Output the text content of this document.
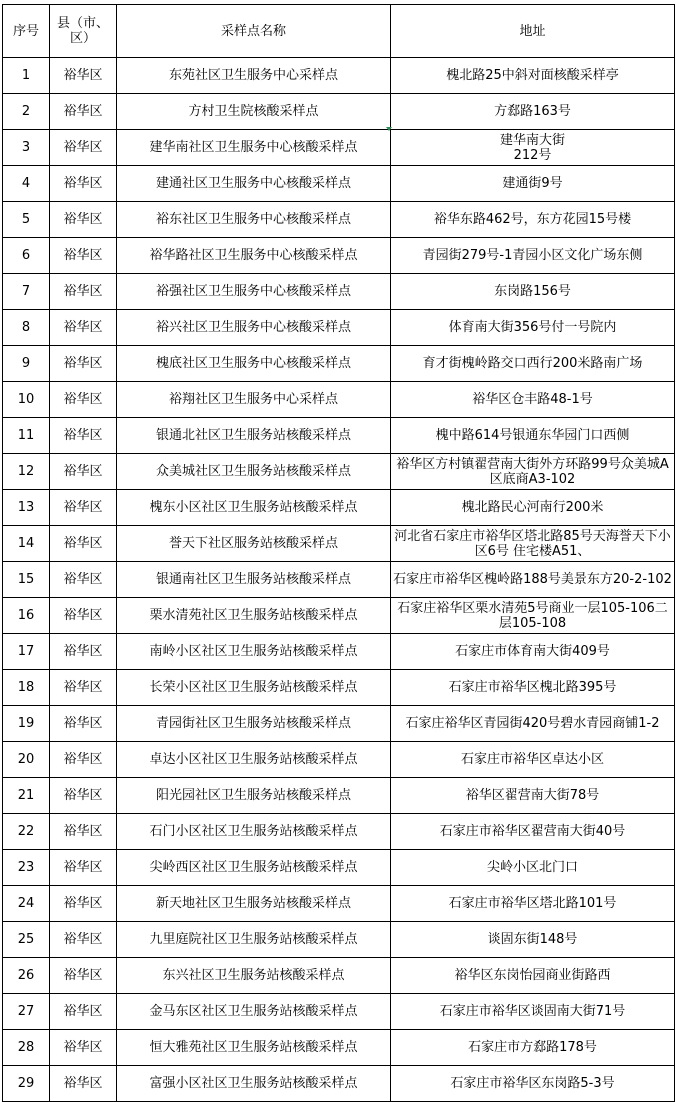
序号	县（市、区）	采样点名称	地址
1	裕华区	东苑社区卫生服务中心采样点	槐北路25中斜对面核酸采样亭
2	裕华区	方村卫生院核酸采样点	方郄路163号
3	裕华区	建华南社区卫生服务中心核酸采样点	建华南大街
212号
4	裕华区	建通社区卫生服务中心核酸采样点	建通街9号
5	裕华区	裕东社区卫生服务中心核酸采样点	裕华东路462号，东方花园15号楼
6	裕华区	裕华路社区卫生服务中心核酸采样点	青园街279号-1青园小区文化广场东侧
7	裕华区	裕强社区卫生服务中心核酸采样点	东岗路156号
8	裕华区	裕兴社区卫生服务中心核酸采样点	体育南大街356号付一号院内
9	裕华区	槐底社区卫生服务中心核酸采样点	育才街槐岭路交口西行200米路南广场
10	裕华区	裕翔社区卫生服务中心采样点	裕华区仓丰路48-1号
11	裕华区	银通北社区卫生服务站核酸采样点	槐中路614号银通东华园门口西侧
12	裕华区	众美城社区卫生服务站核酸采样点	裕华区方村镇翟营南大街外方环路99号众美城A区底商A3-102
13	裕华区	槐东小区社区卫生服务站核酸采样点	槐北路民心河南行200米
14	裕华区	誉天下社区服务站核酸采样点	河北省石家庄市裕华区塔北路85号天海誉天下小区6号 住宅楼A51、
15	裕华区	银通南社区卫生服务站核酸采样点	石家庄市裕华区槐岭路188号美景东方20-2-102
16	裕华区	栗水清苑社区卫生服务站核酸采样点	石家庄裕华区栗水清苑5号商业一层105-106二层105-108
17	裕华区	南岭小区社区卫生服务站核酸采样点	石家庄市体育南大街409号
18	裕华区	长荣小区社区卫生服务站核酸采样点	石家庄市裕华区槐北路395号
19	裕华区	青园街社区卫生服务站核酸采样点	石家庄裕华区青园街420号碧水青园商铺1-2
20	裕华区	卓达小区社区卫生服务站核酸采样点	石家庄市裕华区卓达小区
21	裕华区	阳光园社区卫生服务站核酸采样点	裕华区翟营南大街78号
22	裕华区	石门小区社区卫生服务站核酸采样点	石家庄市裕华区翟营南大街40号
23	裕华区	尖岭西区社区卫生服务站核酸采样点	尖岭小区北门口
24	裕华区	新天地社区卫生服务站核酸采样点	石家庄市裕华区塔北路101号
25	裕华区	九里庭院社区卫生服务站核酸采样点	谈固东街148号
26	裕华区	东兴社区卫生服务站核酸采样点	裕华区东岗怡园商业街路西
27	裕华区	金马东区社区卫生服务站核酸采样点	石家庄市裕华区谈固南大街71号
28	裕华区	恒大雅苑社区卫生服务站核酸采样点	石家庄市方郄路178号
29	裕华区	富强小区社区卫生服务站核酸采样点	石家庄市裕华区东岗路5-3号
